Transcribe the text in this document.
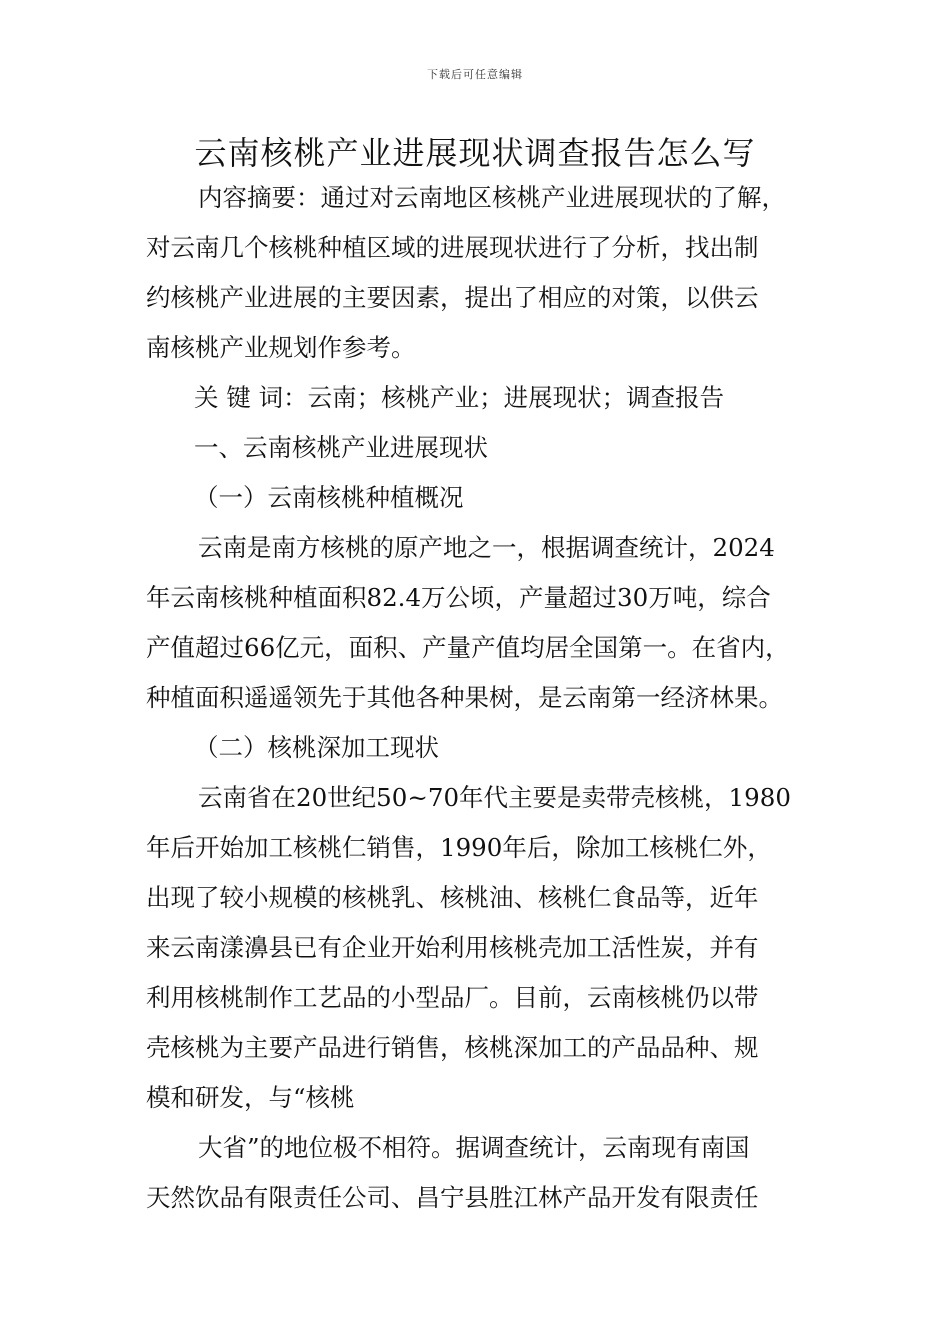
下载后可任意编辑
云南核桃产业进展现状调查报告怎么写
内容摘要：通过对云南地区核桃产业进展现状的了解，
对云南几个核桃种植区域的进展现状进行了分析，找出制
约核桃产业进展的主要因素，提出了相应的对策，以供云
南核桃产业规划作参考。
关 键 词：云南；核桃产业；进展现状；调查报告
一、云南核桃产业进展现状
（一）云南核桃种植概况
云南是南方核桃的原产地之一，根据调查统计，2024
年云南核桃种植面积82.4万公顷，产量超过30万吨，综合
产值超过66亿元，面积、产量产值均居全国第一。在省内，
种植面积遥遥领先于其他各种果树，是云南第一经济林果。
（二）核桃深加工现状
云南省在20世纪50~70年代主要是卖带壳核桃，1980
年后开始加工核桃仁销售，1990年后，除加工核桃仁外，
出现了较小规模的核桃乳、核桃油、核桃仁食品等，近年
来云南漾濞县已有企业开始利用核桃壳加工活性炭，并有
利用核桃制作工艺品的小型品厂。目前，云南核桃仍以带
壳核桃为主要产品进行销售，核桃深加工的产品品种、规
模和研发，与“核桃
大省”的地位极不相符。据调查统计，云南现有南国
天然饮品有限责任公司、昌宁县胜江林产品开发有限责任
